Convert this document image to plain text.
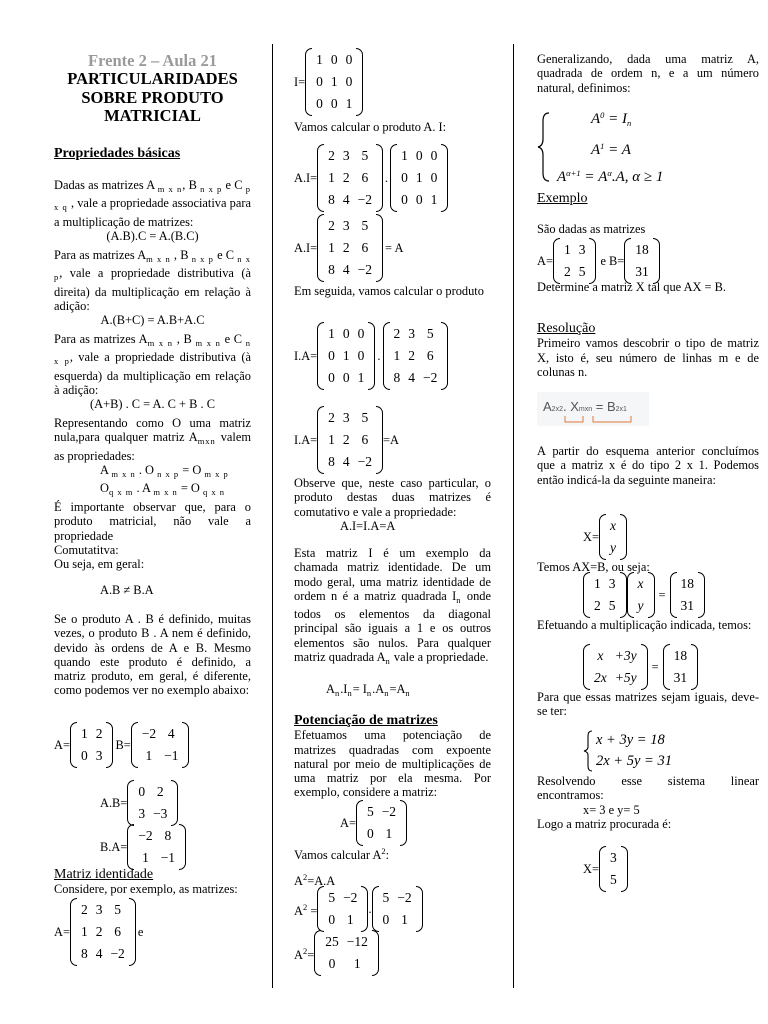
Frente 2 – Aula 21
PARTICULARIDADES
SOBRE PRODUTO
MATRICIAL
Propriedades básicas

Dadas as matrizes A $_{m x n}$, B $_{n x p}$ e C $_{p x q}$ , vale a propriedade associativa para a multiplicação de matrizes:

(A.B).C = A.(B.C)

Para as matrizes $A_{m x n}$ , B $_{n x p}$ e C $_{n x p}$, vale a propriedade distributiva (à direita) da multiplicação em relação à adição:

A.(B+C) = A.B+A.C

Para as matrizes $A_{m x n}$ , B $_{m x n}$ e C $_{n x p}$, vale a propriedade distributiva (à esquerda) da multiplicação em relação à adição:

(A+B) . C = A. C + B . C

Representando como O uma matriz nula,para qualquer matriz $A_{mxn}$ valem as propriedades:

A $_{m x n}$ . O $_{n x p}$ = O $_{m x p}$
$O_{q x m}$ . A $_{m x n}$ = O $_{q x n}$

É importante observar que, para o produto matricial, não vale a propriedade

Comutatitva:
Ou seja, em geral:
A.B ≠ B.A

Se o produto A . B é definido, muitas vezes, o produto B . A nem é definido, devido às ordens de A e B. Mesmo quando este produto é definido, a matriz produto, em geral, é diferente, como podemos ver no exemplo abaixo:

A=
1	2
0	3
B=
−2	4
1	−1
A.B=
0	2
3	−3
B.A=
−2	8
1	−1
Matriz identidade
Considere, por exemplo, as matrizes:
A=
2	3	5
1	2	6
8	4	−2
e
I=
1	0	0
0	1	0
0	0	1
Vamos calcular o produto A. I:
A.I=
2	3	5
1	2	6
8	4	−2
.
1	0	0
0	1	0
0	0	1
A.I=
2	3	5
1	2	6
8	4	−2
= A

Em seguida, vamos calcular o produto

I.A=
1	0	0
0	1	0
0	0	1
.
2	3	5
1	2	6
8	4	−2
I.A=
2	3	5
1	2	6
8	4	−2
=A

Observe que, neste caso particular, o produto destas duas matrizes é comutativo e vale a propriedade:

A.I=I.A=A

Esta matriz I é um exemplo da chamada matriz identidade. De um modo geral, uma matriz identidade de ordem n é a matriz quadrada $I_n$ onde todos os elementos da diagonal principal são iguais a 1 e os outros elementos são nulos. Para qualquer matriz quadrada $A_n$ vale a propriedade.

$A_n.I_n= I_n.A_n=A_n$
Potenciação de matrizes

Efetuamos uma potenciação de matrizes quadradas com expoente natural por meio de multiplicações de uma matriz por ela mesma. Por exemplo, considere a matriz:

A=
5	−2
0	1
Vamos calcular $A^2$:
$A^2=A.A$
$A^2$ =
5	−2
0	1
.
5	−2
0	1
$A^2=$
25	−12
0	1

Generalizando, dada uma matriz A, quadrada de ordem n, e a um número natural, definimos:

$A^0 = I_n$
$A^1 = A$
$A^{\alpha+1} = A^\alpha.A$, α ≥ 1
Exemplo
São dadas as matrizes
A=
1	3
2	5
e B=
18
31

Determine a matriz X tal que AX = B.

Resolução

Primeiro vamos descobrir o tipo de matriz X, isto é, seu número de linhas m e de colunas n.

A2x2. Xmxn = B2x1

A partir do esquema anterior concluímos que a matriz x é do tipo 2 x 1. Podemos então indicá-la da seguinte maneira:

X=
x
y
Temos AX=B, ou seja:
1	3
2	5
x
y
=
18
31

Efetuando a multiplicação indicada, temos:

x	+3y
2x	+5y
=
18
31

Para que essas matrizes sejam iguais, deve-se ter:

x + 3y = 18
2x + 5y = 31

Resolvendo esse sistema linear encontramos:

x= 3 e y= 5
Logo a matriz procurada é:
X=
3
5
